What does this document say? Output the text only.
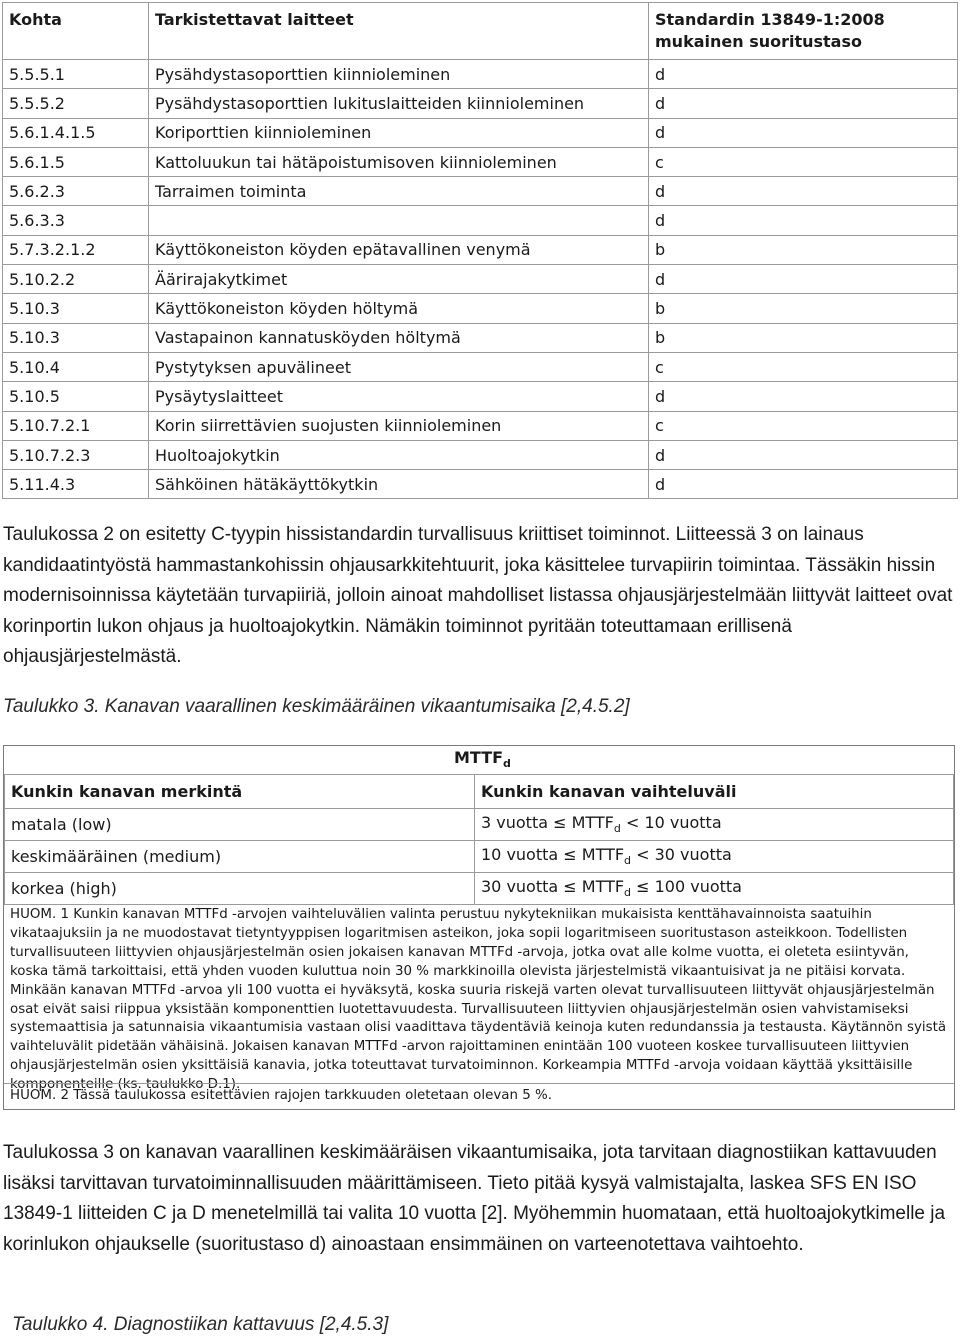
Kohta	Tarkistettavat laitteet	Standardin 13849-1:2008 mukainen suoritustaso
5.5.5.1	Pysähdystasoporttien kiinnioleminen	d
5.5.5.2	Pysähdystasoporttien lukituslaitteiden kiinnioleminen	d
5.6.1.4.1.5	Koriporttien kiinnioleminen	d
5.6.1.5	Kattoluukun tai hätäpoistumisoven kiinnioleminen	c
5.6.2.3	Tarraimen toiminta	d
5.6.3.3		d
5.7.3.2.1.2	Käyttökoneiston köyden epätavallinen venymä	b
5.10.2.2	Äärirajakytkimet	d
5.10.3	Käyttökoneiston köyden höltymä	b
5.10.3	Vastapainon kannatusköyden höltymä	b
5.10.4	Pystytyksen apuvälineet	c
5.10.5	Pysäytyslaitteet	d
5.10.7.2.1	Korin siirrettävien suojusten kiinnioleminen	c
5.10.7.2.3	Huoltoajokytkin	d
5.11.4.3	Sähköinen hätäkäyttökytkin	d
Taulukossa 2 on esitetty C-tyypin hissistandardin turvallisuus kriittiset toiminnot. Liitteessä 3 on lainaus kandidaatintyöstä hammastankohissin ohjausarkkitehtuurit, joka käsittelee turvapiirin toimintaa. Tässäkin hissin modernisoinnissa käytetään turvapiiriä, jolloin ainoat mahdolliset listassa ohjausjärjestelmään liittyvät laitteet ovat korinportin lukon ohjaus ja huoltoajokytkin. Nämäkin toiminnot pyritään toteuttamaan erillisenä ohjausjärjestelmästä.
Taulukko 3. Kanavan vaarallinen keskimääräinen vikaantumisaika [2,4.5.2]
$MTTF_d$
Kunkin kanavan merkintä	Kunkin kanavan vaihteluväli
matala (low)	3 vuotta ≤ $MTTF_d < 10$ vuotta
keskimääräinen (medium)	10 vuotta ≤ $MTTF_d < 30$ vuotta
korkea (high)	30 vuotta ≤ $MTTF_d \le 100$ vuotta
HUOM. 1 Kunkin kanavan MTTFd -arvojen vaihteluvälien valinta perustuu nykytekniikan mukaisista kenttähavainnoista saatuihin vikataajuksiin ja ne muodostavat tietyntyyppisen logaritmisen asteikon, joka sopii logaritmiseen suoritustason asteikkoon. Todellisten turvallisuuteen liittyvien ohjausjärjestelmän osien jokaisen kanavan MTTFd -arvoja, jotka ovat alle kolme vuotta, ei oleteta esiintyvän, koska tämä tarkoittaisi, että yhden vuoden kuluttua noin 30 % markkinoilla olevista järjestelmistä vikaantuisivat ja ne pitäisi korvata. Minkään kanavan MTTFd -arvoa yli 100 vuotta ei hyväksytä, koska suuria riskejä varten olevat turvallisuuteen liittyvät ohjausjärjestelmän osat eivät saisi riippua yksistään komponenttien luotettavuudesta. Turvallisuuteen liittyvien ohjausjärjestelmän osien vahvistamiseksi systemaattisia ja satunnaisia vikaantumisia vastaan olisi vaadittava täydentäviä keinoja kuten redundanssia ja testausta. Käytännön syistä vaihteluvälit pidetään vähäisinä. Jokaisen kanavan MTTFd -arvon rajoittaminen enintään 100 vuoteen koskee turvallisuuteen liittyvien ohjausjärjestelmän osien yksittäisiä kanavia, jotka toteuttavat turvatoiminnon. Korkeampia MTTFd -arvoja voidaan käyttää yksittäisille komponenteille (ks. taulukko D.1).
HUOM. 2 Tässä taulukossa esitettävien rajojen tarkkuuden oletetaan olevan 5 %.
Taulukossa 3 on kanavan vaarallinen keskimääräisen vikaantumisaika, jota tarvitaan diagnostiikan kattavuuden lisäksi tarvittavan turvatoiminnallisuuden määrittämiseen. Tieto pitää kysyä valmistajalta, laskea SFS EN ISO 13849-1 liitteiden C ja D menetelmillä tai valita 10 vuotta [2]. Myöhemmin huomataan, että huoltoajokytkimelle ja korinlukon ohjaukselle (suoritustaso d) ainoastaan ensimmäinen on varteenotettava vaihtoehto.
Taulukko 4. Diagnostiikan kattavuus [2,4.5.3]
